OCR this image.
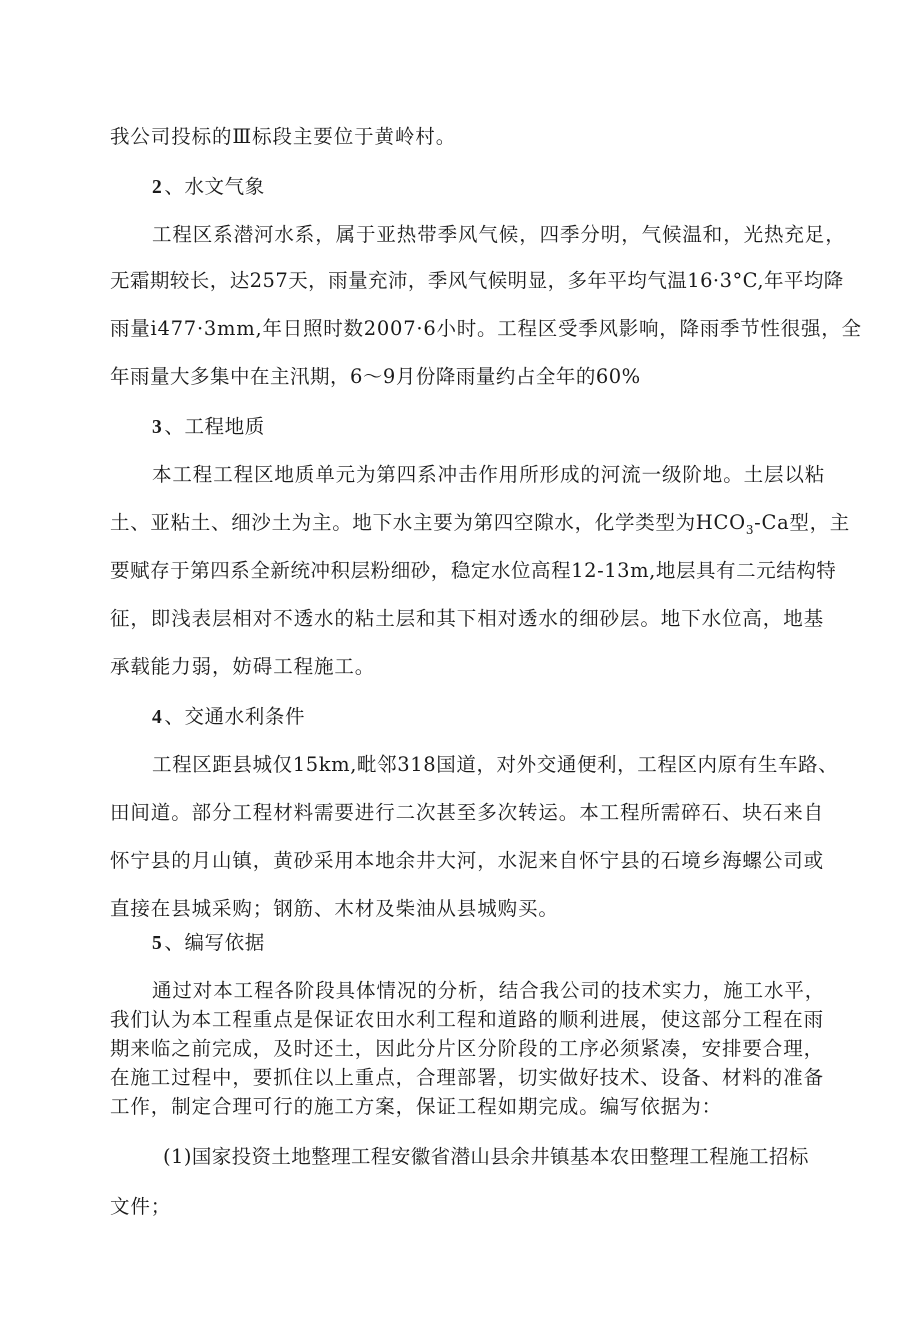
我公司投标的Ⅲ标段主要位于黄岭村。
2 、水文气象
工程区系潜河水系，属于亚热带季风气候，四季分明，气候温和，光热充足，
无霜期较长，达257天，雨量充沛，季风气候明显，多年平均气温16·3°C,年平均降
雨量i477·3mm,年日照时数2007·6小时。工程区受季风影响，降雨季节性很强，全
年雨量大多集中在主汛期，6〜9月份降雨量约占全年的60%
3 、工程地质
本工程工程区地质单元为第四系冲击作用所形成的河流一级阶地。土层以粘
土、亚粘土、细沙土为主。地下水主要为第四空隙水，化学类型为$HCO_3-Ca$型，主
要赋存于第四系全新统冲积层粉细砂，稳定水位高程12-13m,地层具有二元结构特
征，即浅表层相对不透水的粘土层和其下相对透水的细砂层。地下水位高，地基
承载能力弱，妨碍工程施工。
4 、交通水利条件
工程区距县城仅15km,毗邻318国道，对外交通便利，工程区内原有生车路、
田间道。部分工程材料需要进行二次甚至多次转运。本工程所需碎石、块石来自
怀宁县的月山镇，黄砂采用本地余井大河，水泥来自怀宁县的石境乡海螺公司或
直接在县城采购；钢筋、木材及柴油从县城购买。
5 、编写依据
通过对本工程各阶段具体情况的分析，结合我公司的技术实力，施工水平，
我们认为本工程重点是保证农田水利工程和道路的顺利进展，使这部分工程在雨
期来临之前完成，及时还土，因此分片区分阶段的工序必须紧凑，安排要合理，
在施工过程中，要抓住以上重点，合理部署，切实做好技术、设备、材料的准备
工作，制定合理可行的施工方案，保证工程如期完成。编写依据为：
(1)国家投资土地整理工程安徽省潜山县余井镇基本农田整理工程施工招标
文件；
